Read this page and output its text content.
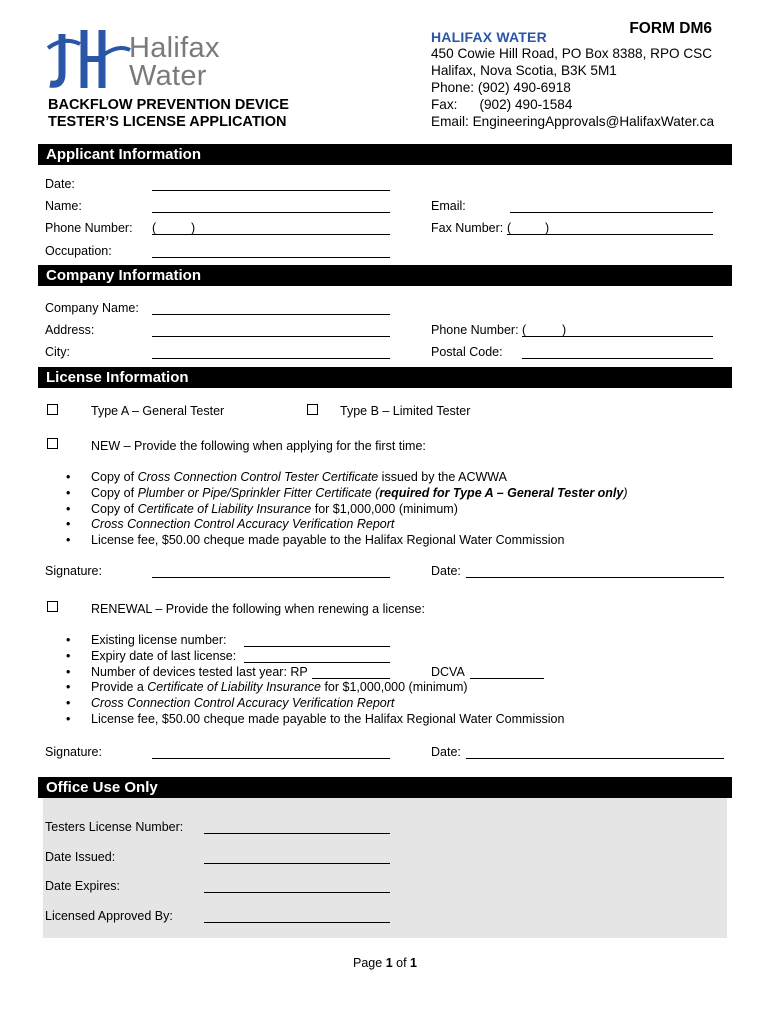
Halifax
Water
FORM DM6
BACKFLOW PREVENTION DEVICE
TESTER’S LICENSE APPLICATION
HALIFAX WATER
450 Cowie Hill Road, PO Box 8388, RPO CSC
Halifax, Nova Scotia, B3K 5M1
Phone: (902) 490-6918
Fax: (902) 490-1584
Email: EngineeringApprovals@HalifaxWater.ca
Applicant Information
Date:
Name:	Email:
Phone Number: (	)	Fax Number: (	)
Occupation:
Company Information
Company Name:
Address:	Phone Number: (	)
City:	Postal Code:
License Information
Type A – General Tester	Type B – Limited Tester
NEW – Provide the following when applying for the first time:
• Copy of Cross Connection Control Tester Certificate issued by the ACWWA
• Copy of Plumber or Pipe/Sprinkler Fitter Certificate (required for Type A – General Tester only)
• Copy of Certificate of Liability Insurance for $1,000,000 (minimum)
• Cross Connection Control Accuracy Verification Report
• License fee, $50.00 cheque made payable to the Halifax Regional Water Commission
Signature:	Date:
RENEWAL – Provide the following when renewing a license:
• Existing license number:
• Expiry date of last license:
• Number of devices tested last year: RP	DCVA
• Provide a Certificate of Liability Insurance for $1,000,000 (minimum)
• Cross Connection Control Accuracy Verification Report
• License fee, $50.00 cheque made payable to the Halifax Regional Water Commission
Signature:	Date:
Office Use Only
Testers License Number:
Date Issued:
Date Expires:
Licensed Approved By:
Page 1 of 1
